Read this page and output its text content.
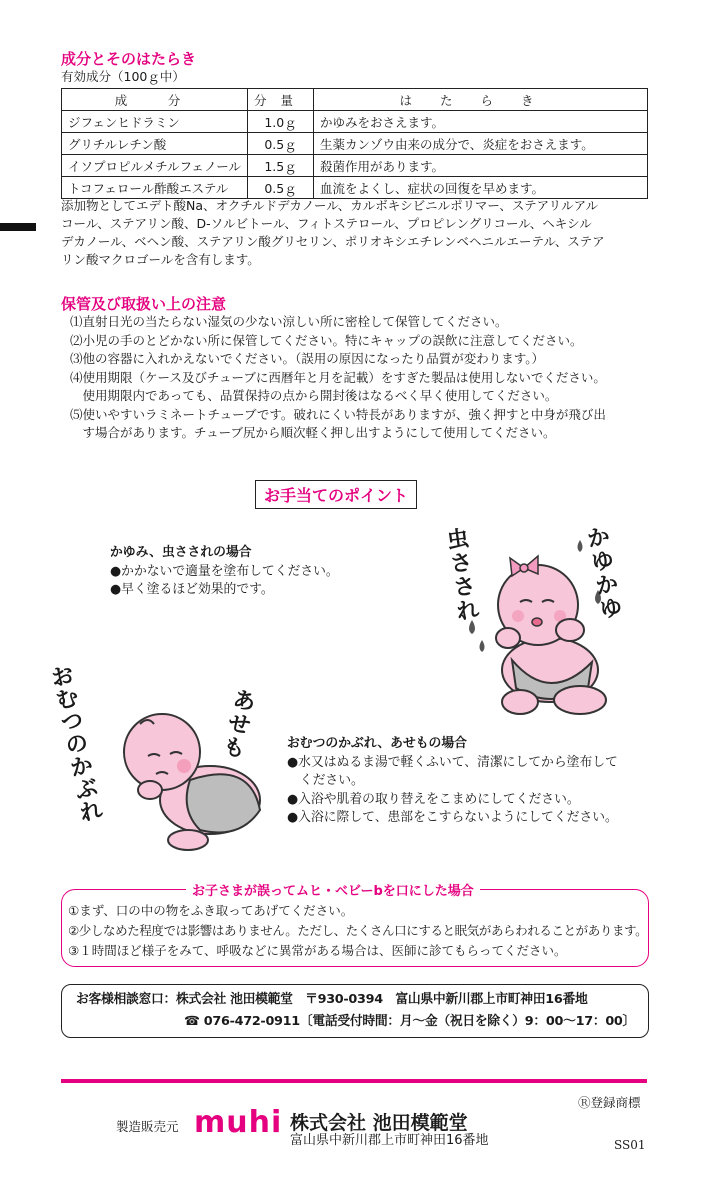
成分とそのはたらき
有効成分（100ｇ中）
成　分	分量	はたらき
ジフェンヒドラミン	1.0ｇ	かゆみをおさえます。
グリチルレチン酸	0.5ｇ	生薬カンゾウ由来の成分で、炎症をおさえます。
イソプロピルメチルフェノール	1.5ｇ	殺菌作用があります。
トコフェロール酢酸エステル	0.5ｇ	血流をよくし、症状の回復を早めます。
添加物としてエデト酸Na、オクチルドデカノール、カルボキシビニルポリマー、ステアリルアル
コール、ステアリン酸、D-ソルビトール、フィトステロール、プロピレングリコール、ヘキシル
デカノール、ベヘン酸、ステアリン酸グリセリン、ポリオキシエチレンベヘニルエーテル、ステア
リン酸マクロゴールを含有します。
保管及び取扱い上の注意
⑴直射日光の当たらない湿気の少ない涼しい所に密栓して保管してください。
⑵小児の手のとどかない所に保管してください。特にキャップの誤飲に注意してください。
⑶他の容器に入れかえないでください。（誤用の原因になったり品質が変わります。）
⑷使用期限（ケース及びチューブに西暦年と月を記載）をすぎた製品は使用しないでください。
　使用期限内であっても、品質保持の点から開封後はなるべく早く使用してください。
⑸使いやすいラミネートチューブです。破れにくい特長がありますが、強く押すと中身が飛び出
　す場合があります。チューブ尻から順次軽く押し出すようにして使用してください。
お手当てのポイント
かゆみ、虫さされの場合
●かかないで適量を塗布してください。
●早く塗るほど効果的です。
か
ゆ
か
ゆ
虫
さ
さ
れ
あ
せ
も
お
む
つ
の
か
ぶ
れ
おむつのかぶれ、あせもの場合
●水又はぬるま湯で軽くふいて、清潔にしてから塗布して
　ください。
●入浴や肌着の取り替えをこまめにしてください。
●入浴に際して、患部をこすらないようにしてください。
お子さまが誤ってムヒ・ベビーbを口にした場合
①まず、口の中の物をふき取ってあげてください。
②少しなめた程度では影響はありません。ただし、たくさん口にすると眠気があらわれることがあります。
③１時間ほど様子をみて、呼吸などに異常がある場合は、医師に診てもらってください。
お客様相談窓口：株式会社 池田模範堂　〒930-0394　富山県中新川郡上市町神田16番地
☎ 076-472-0911〔電話受付時間：月～金（祝日を除く）9：00～17：00〕
Ⓡ登録商標
製造販売元 muhi 株式会社 池田模範堂
富山県中新川郡上市町神田16番地	SS01
